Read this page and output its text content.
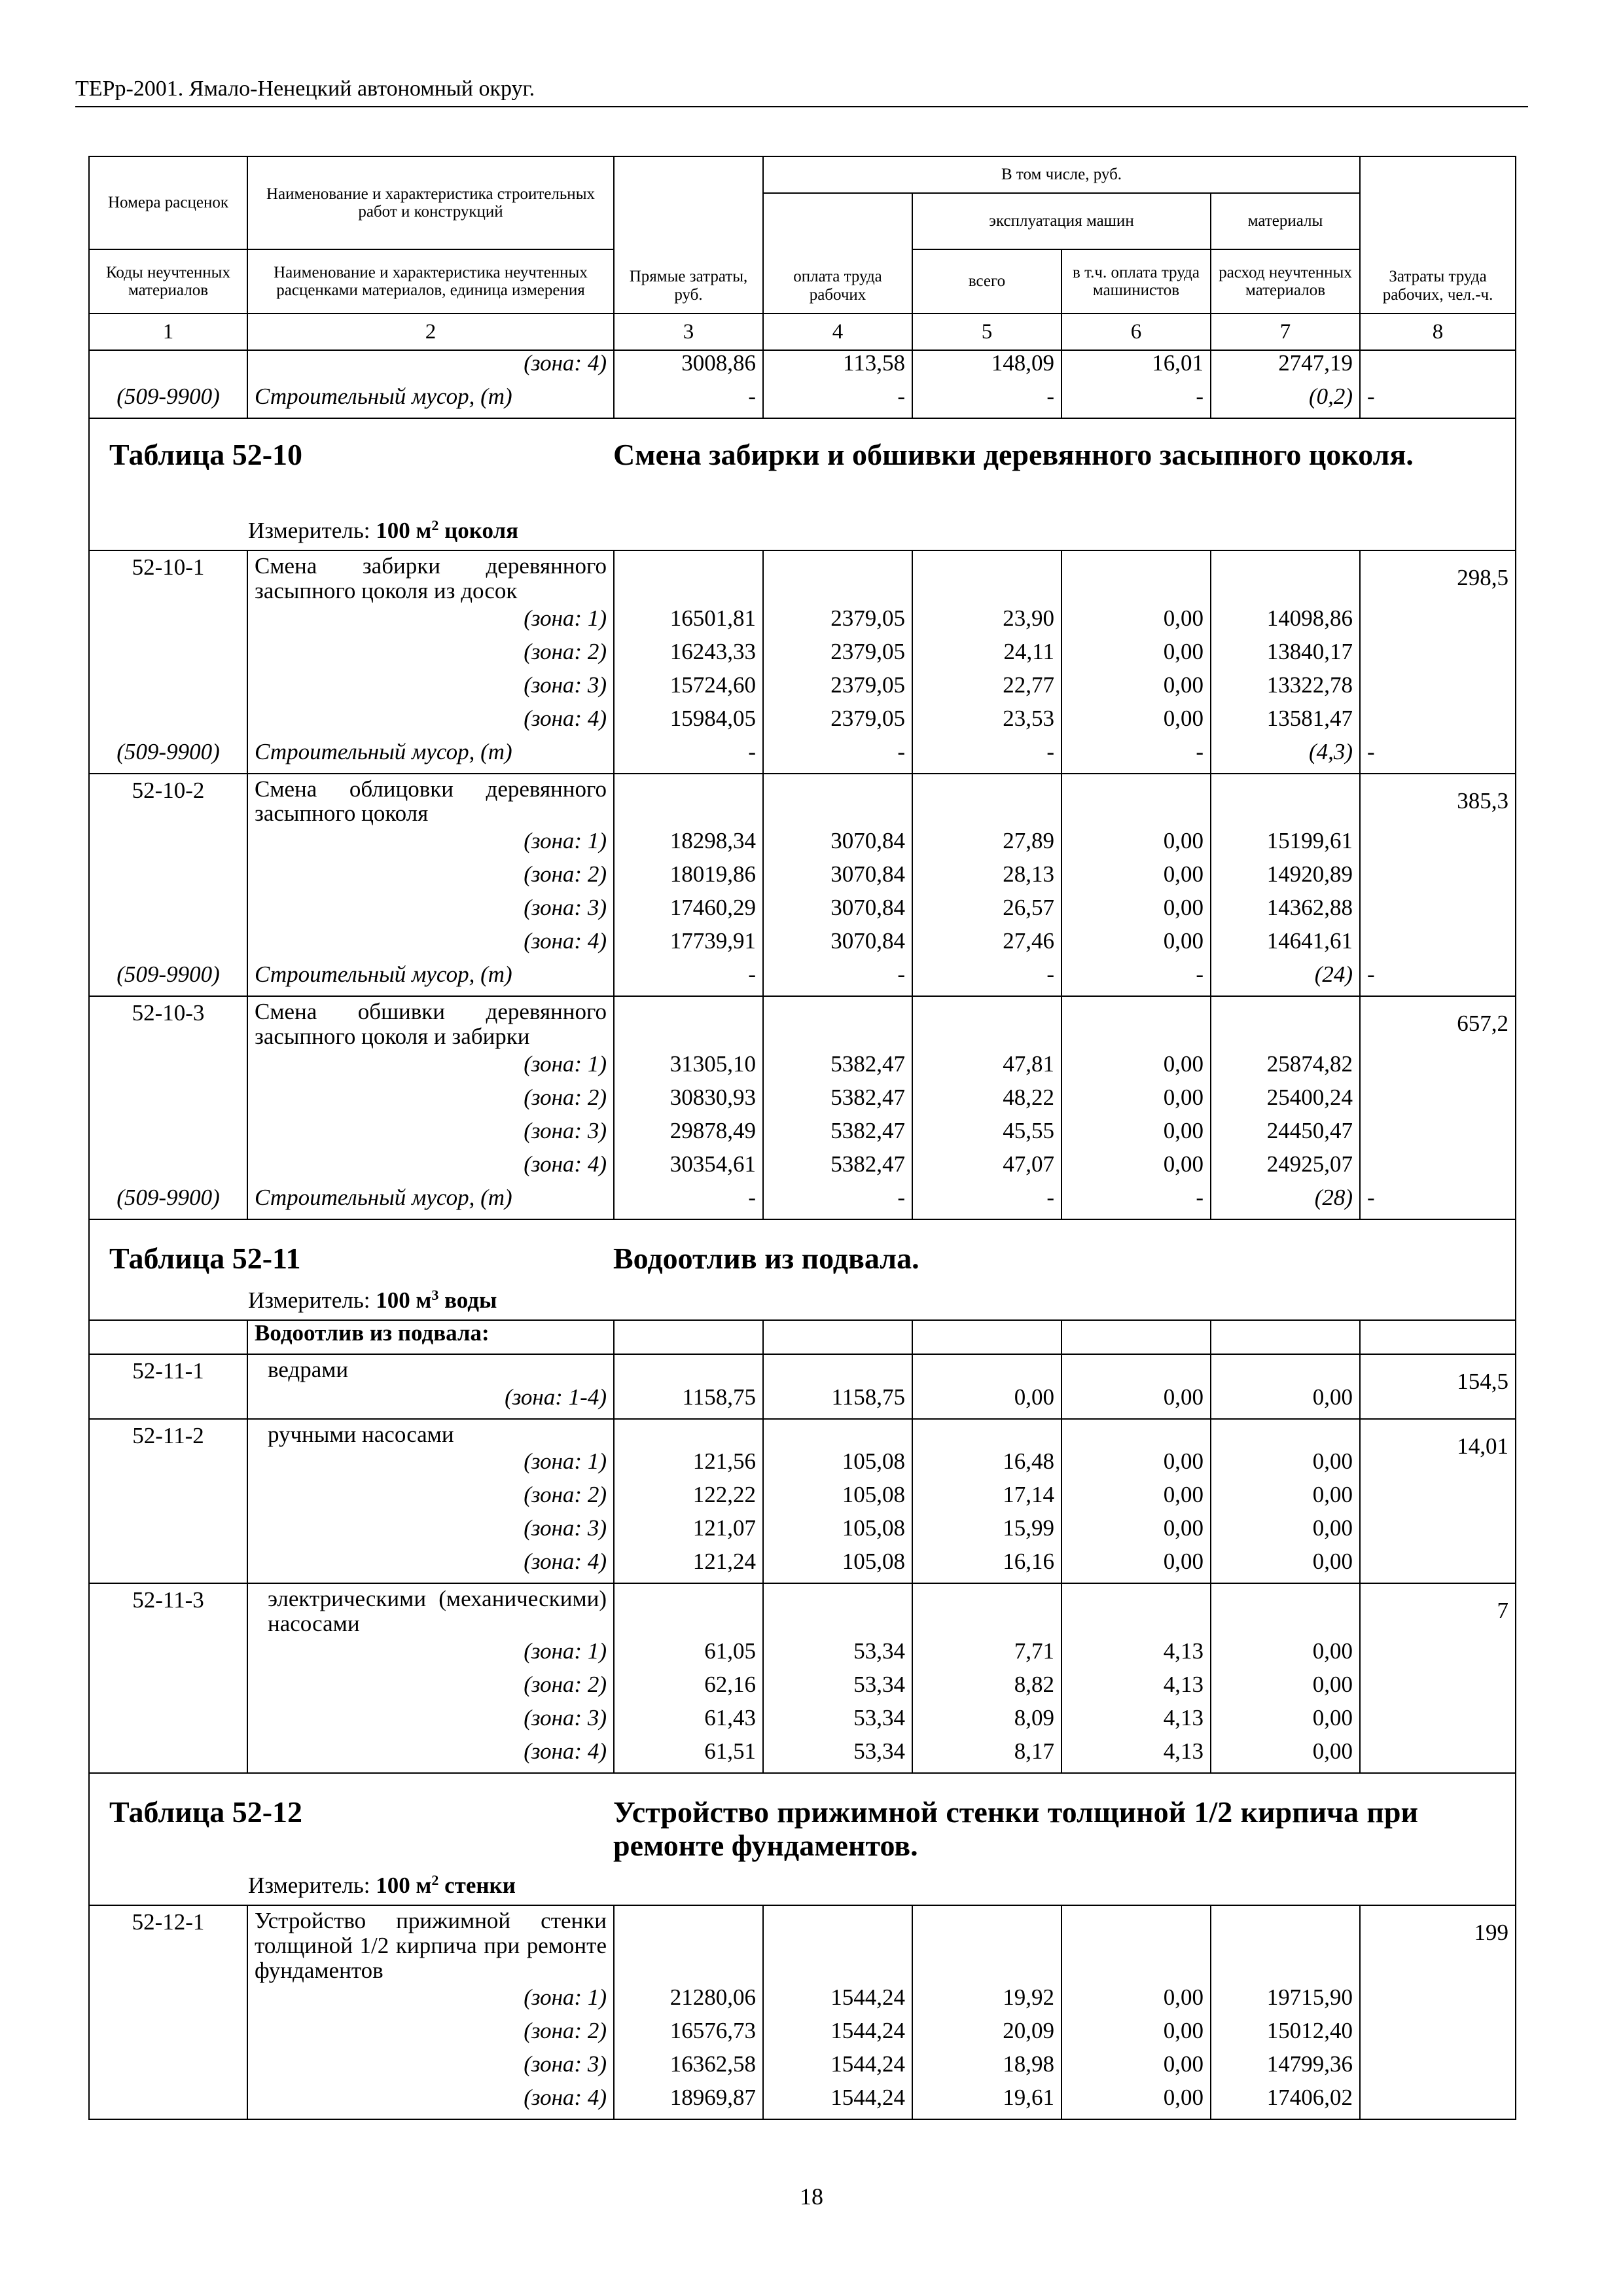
ТЕРр-2001. Ямало-Ненецкий автономный округ.
Номера расценок	Наименование и характеристика строительных работ и конструкций	Прямые затраты, руб.	В том числе, руб.				Затраты труда рабочих, чел.-ч.
			оплата труда рабочих	эксплуатация машин		материалы	
Коды неучтенных материалов	Наименование и характеристика неучтенных расценками материалов, единица измерения			всего	в т.ч. оплата труда машинистов	расход неучтенных материалов	
1	2	3	4	5	6	7	8
	(зона: 4)	3008,86	113,58	148,09	16,01	2747,19	
(509-9900)	Строительный мусор, (т)	-	-	-	-	(0,2)	-

Таблица 52-10 Смена забирки и обшивки деревянного засыпного цоколя.
Измеритель: 100 $м^2$ цоколя							

52-10-1	Смена забирки деревянного засыпного цоколя из досок						298,5
	(зона: 1)	16501,81	2379,05	23,90	0,00	14098,86	
	(зона: 2)	16243,33	2379,05	24,11	0,00	13840,17	
	(зона: 3)	15724,60	2379,05	22,77	0,00	13322,78	
	(зона: 4)	15984,05	2379,05	23,53	0,00	13581,47	
(509-9900)	Строительный мусор, (т)	-	-	-	-	(4,3)	-
52-10-2	Смена облицовки деревянного засыпного цоколя						385,3
	(зона: 1)	18298,34	3070,84	27,89	0,00	15199,61	
	(зона: 2)	18019,86	3070,84	28,13	0,00	14920,89	
	(зона: 3)	17460,29	3070,84	26,57	0,00	14362,88	
	(зона: 4)	17739,91	3070,84	27,46	0,00	14641,61	
(509-9900)	Строительный мусор, (т)	-	-	-	-	(24)	-
52-10-3	Смена обшивки деревянного засыпного цоколя и забирки						657,2
	(зона: 1)	31305,10	5382,47	47,81	0,00	25874,82	
	(зона: 2)	30830,93	5382,47	48,22	0,00	25400,24	
	(зона: 3)	29878,49	5382,47	45,55	0,00	24450,47	
	(зона: 4)	30354,61	5382,47	47,07	0,00	24925,07	
(509-9900)	Строительный мусор, (т)	-	-	-	-	(28)	-

Таблица 52-11 Водоотлив из подвала.
Измеритель: 100 $м^3$ воды							

	Водоотлив из подвала:						
52-11-1	ведрами						154,5
	(зона: 1-4)	1158,75	1158,75	0,00	0,00	0,00	
52-11-2	ручными насосами						14,01
	(зона: 1)	121,56	105,08	16,48	0,00	0,00	
	(зона: 2)	122,22	105,08	17,14	0,00	0,00	
	(зона: 3)	121,07	105,08	15,99	0,00	0,00	
	(зона: 4)	121,24	105,08	16,16	0,00	0,00	
52-11-3	электрическими (механическими) насосами						7
	(зона: 1)	61,05	53,34	7,71	4,13	0,00	
	(зона: 2)	62,16	53,34	8,82	4,13	0,00	
	(зона: 3)	61,43	53,34	8,09	4,13	0,00	
	(зона: 4)	61,51	53,34	8,17	4,13	0,00	

Таблица 52-12 Устройство прижимной стенки толщиной 1/2 кирпича при ремонте фундаментов.
Измеритель: 100 $м^2$ стенки							

52-12-1	Устройство прижимной стенки толщиной 1/2 кирпича при ремонте фундаментов						199
	(зона: 1)	21280,06	1544,24	19,92	0,00	19715,90	
	(зона: 2)	16576,73	1544,24	20,09	0,00	15012,40	
	(зона: 3)	16362,58	1544,24	18,98	0,00	14799,36	
	(зона: 4)	18969,87	1544,24	19,61	0,00	17406,02	

18
